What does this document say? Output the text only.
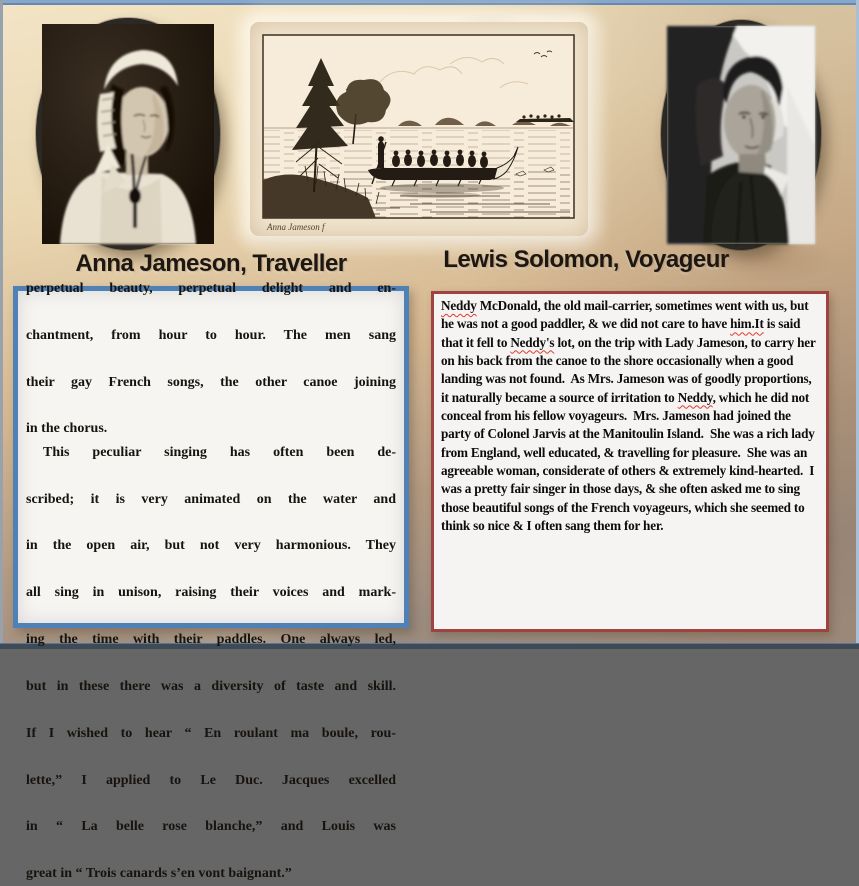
Anna Jameson f
Anna Jameson, Traveller	Lewis Solomon, Voyageur
perpetual beauty, perpetual delight and en-
chantment, from hour to hour. The men sang
their gay French songs, the other canoe joining
in the chorus.
This peculiar singing has often been de-
scribed; it is very animated on the water and
in the open air, but not very harmonious. They
all sing in unison, raising their voices and mark-
ing the time with their paddles. One always led,
but in these there was a diversity of taste and skill.
If I wished to hear “ En roulant ma boule, rou-
lette,” I applied to Le Duc. Jacques excelled
in “ La belle rose blanche,” and Louis was
great in “ Trois canards s’en vont baignant.”
Neddy McDonald, the old mail-carrier, sometimes went with us, but he was not a good paddler, & we did not care to have him.It is said that it fell to Neddy's lot, on the trip with Lady Jameson, to carry her on his back from the canoe to the shore occasionally when a good landing was not found.  As Mrs. Jameson was of goodly proportions, it naturally became a source of irritation to Neddy, which he did not conceal from his fellow voyageurs.  Mrs. Jameson had joined the party of Colonel Jarvis at the Manitoulin Island.  She was a rich lady from England, well educated, & travelling for pleasure.  She was an agreeable woman, considerate of others & extremely kind-hearted.  I was a pretty fair singer in those days, & she often asked me to sing those beautiful songs of the French voyageurs, which she seemed to think so nice & I often sang them for her.
